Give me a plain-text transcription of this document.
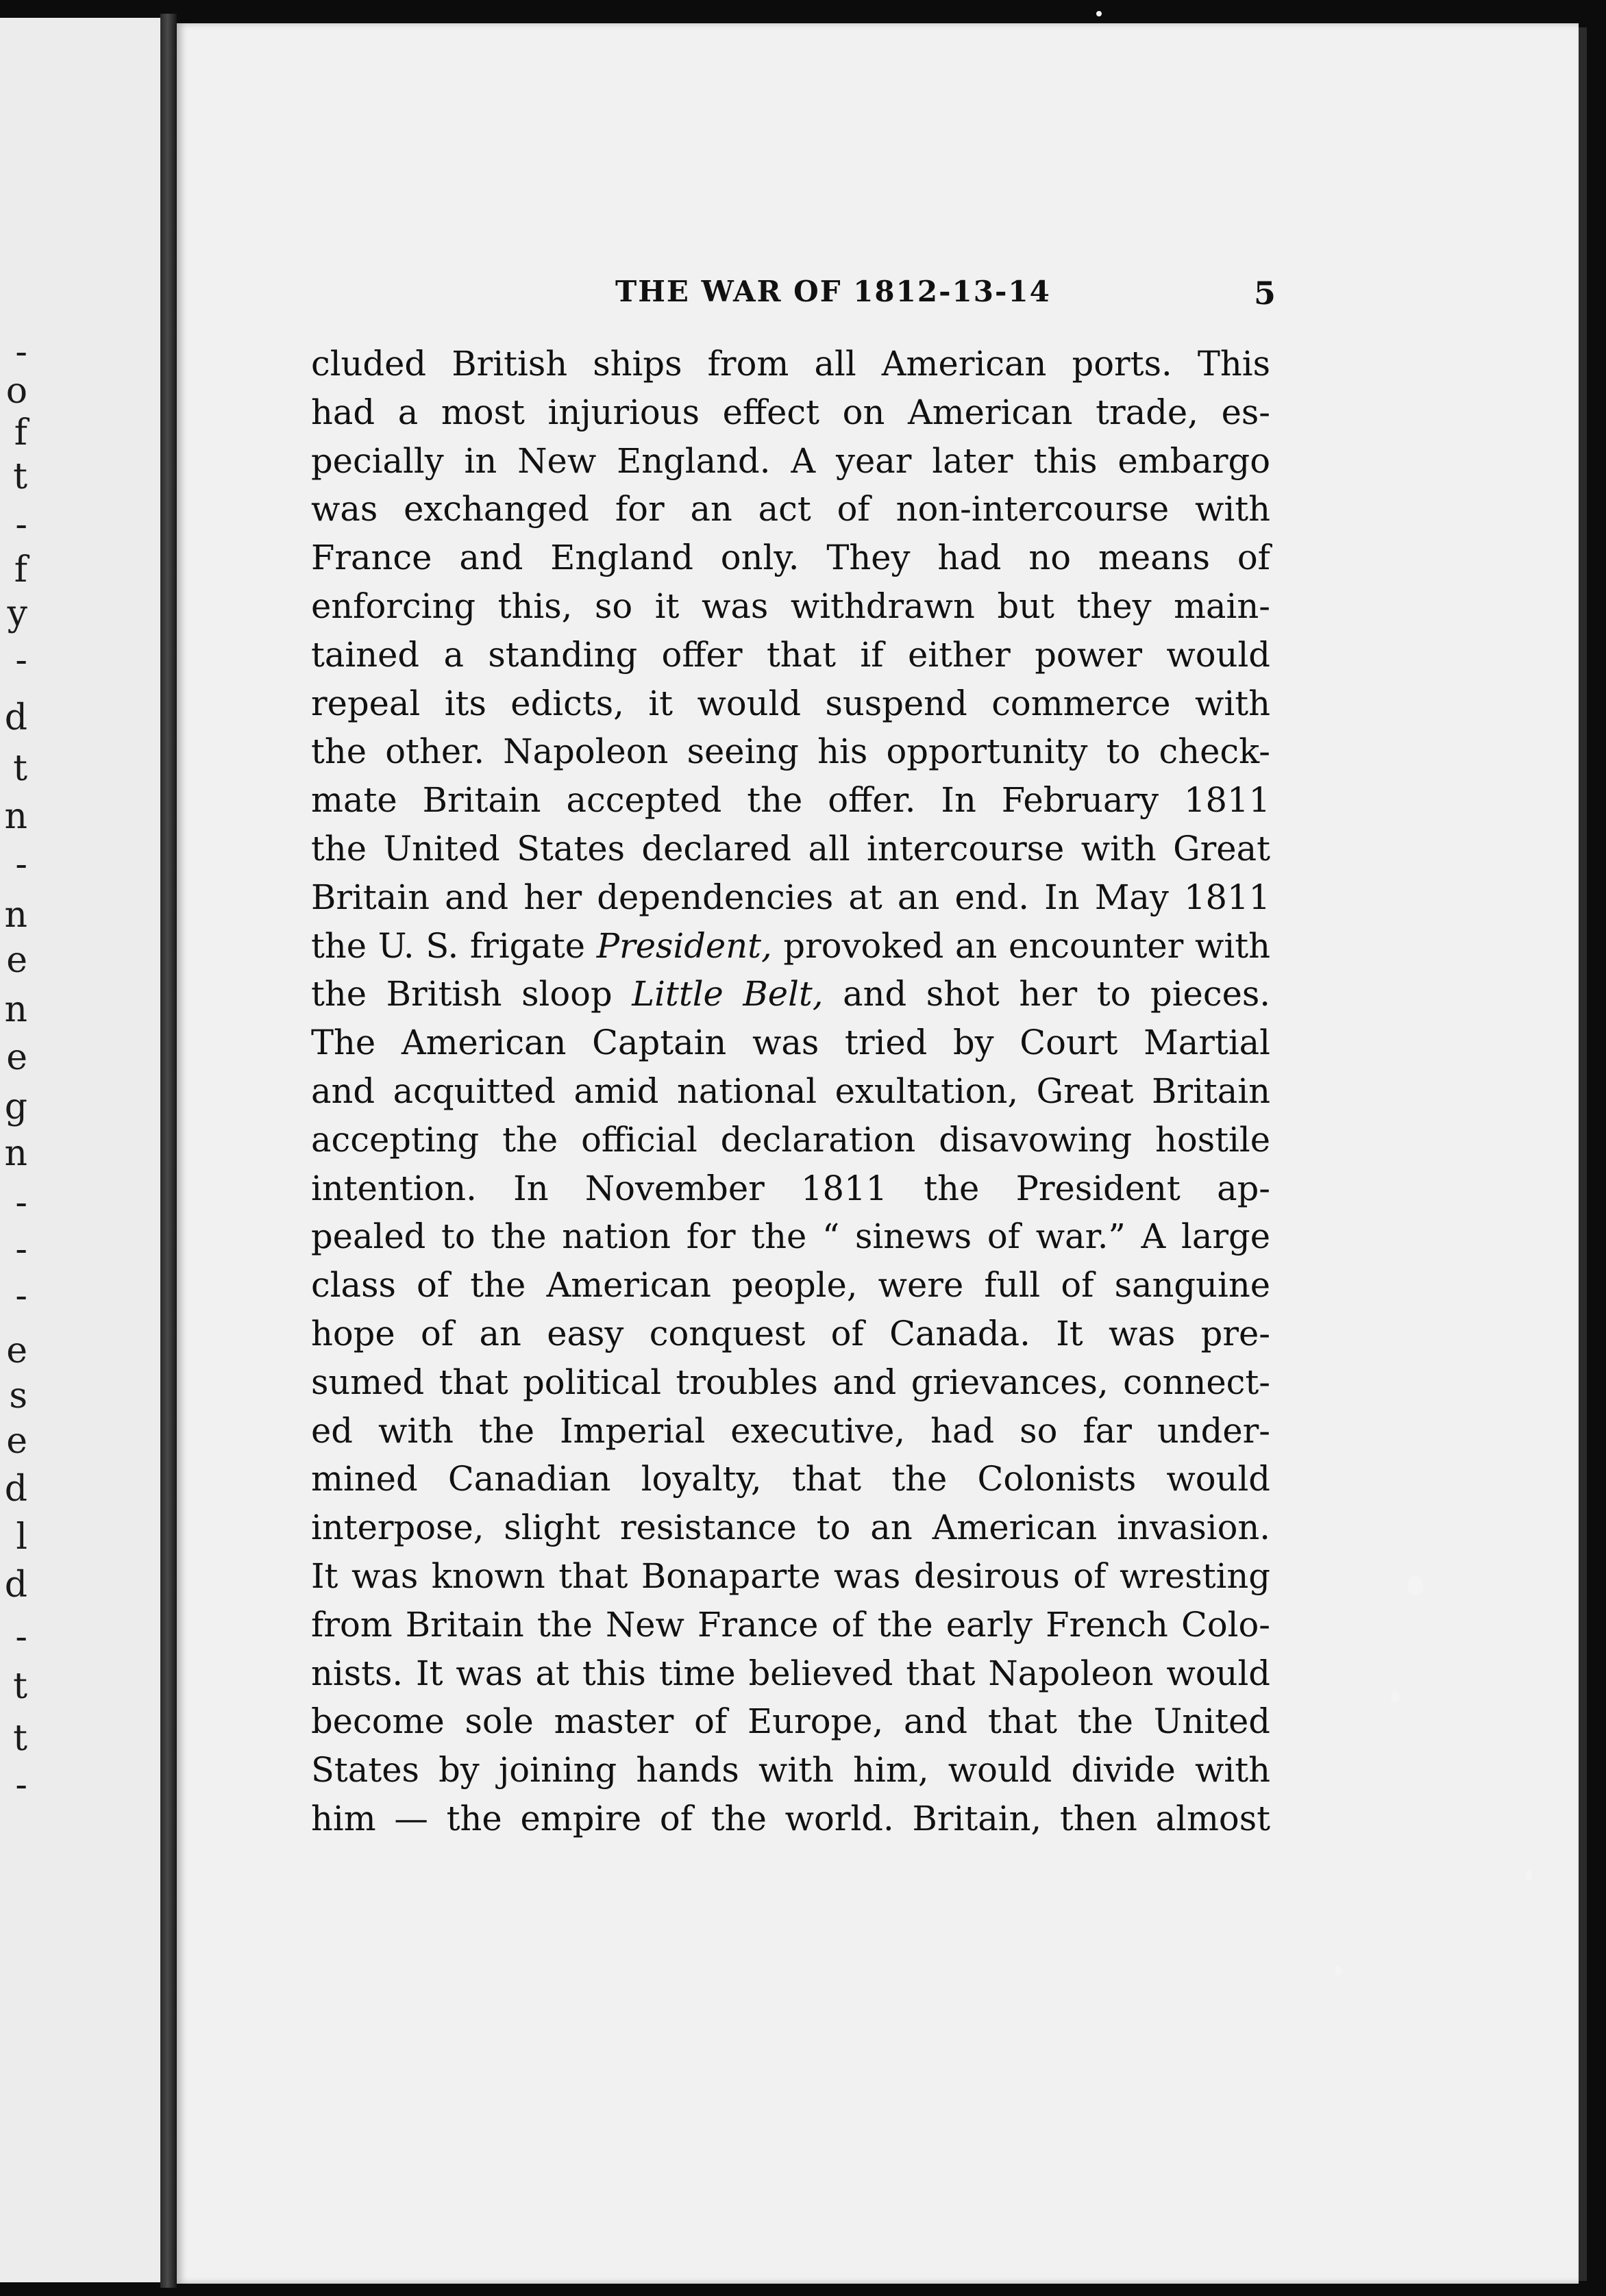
-
o
f
t
-
f
y
-
d
t
n
-
n
e
n
e
g
n
-
-
-
e
s
e
d
l
d
-
t
t
-
THE WAR OF 1812-13-14	5
cluded British ships from all American ports. This
had a most injurious effect on American trade, es-
pecially in New England. A year later this embargo
was exchanged for an act of non-intercourse with
France and England only. They had no means of
enforcing this, so it was withdrawn but they main-
tained a standing offer that if either power would
repeal its edicts, it would suspend commerce with
the other. Napoleon seeing his opportunity to check-
mate Britain accepted the offer. In February 1811
the United States declared all intercourse with Great
Britain and her dependencies at an end. In May 1811
the U. S. frigate President, provoked an encounter with
the British sloop Little Belt, and shot her to pieces.
The American Captain was tried by Court Martial
and acquitted amid national exultation, Great Britain
accepting the official declaration disavowing hostile
intention. In November 1811 the President ap-
pealed to the nation for the “ sinews of war.” A large
class of the American people, were full of sanguine
hope of an easy conquest of Canada. It was pre-
sumed that political troubles and grievances, connect-
ed with the Imperial executive, had so far under-
mined Canadian loyalty, that the Colonists would
interpose, slight resistance to an American invasion.
It was known that Bonaparte was desirous of wresting
from Britain the New France of the early French Colo-
nists. It was at this time believed that Napoleon would
become sole master of Europe, and that the United
States by joining hands with him, would divide with
him — the empire of the world. Britain, then almost
